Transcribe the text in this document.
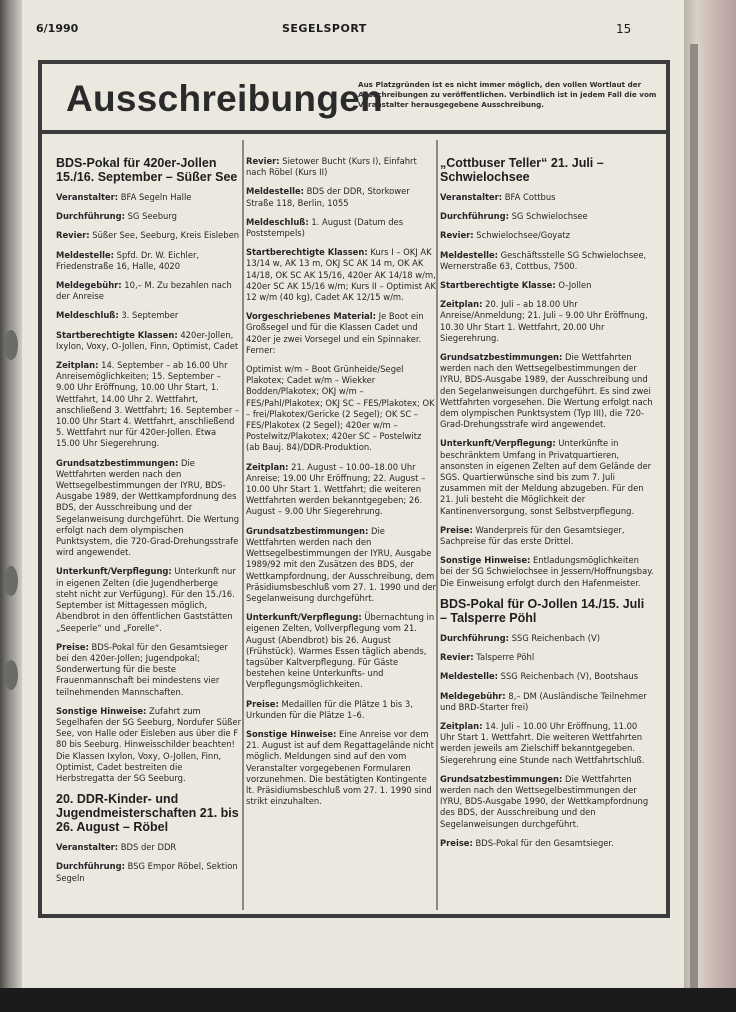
6/1990	SEGELSPORT	15
Ausschreibungen
Aus Platzgründen ist es nicht immer möglich, den vollen Wortlaut der Ausschreibungen zu veröffentlichen. Verbindlich ist in jedem Fall die vom Veranstalter herausgegebene Ausschreibung.
BDS-Pokal für 420er-Jollen 15./16. September – Süßer See
Veranstalter: BFA Segeln Halle
Durchführung: SG Seeburg
Revier: Süßer See, Seeburg, Kreis Eisleben
Meldestelle: Spfd. Dr. W. Eichler, Friedenstraße 16, Halle, 4020
Meldegebühr: 10,– M. Zu bezahlen nach der Anreise
Meldeschluß: 3. September
Startberechtigte Klassen: 420er-Jollen, Ixylon, Voxy, O-Jollen, Finn, Optimist, Cadet
Zeitplan: 14. September – ab 16.00 Uhr Anreisemöglichkeiten; 15. September – 9.00 Uhr Eröffnung, 10.00 Uhr Start, 1. Wettfahrt, 14.00 Uhr 2. Wettfahrt, anschließend 3. Wettfahrt; 16. September – 10.00 Uhr Start 4. Wettfahrt, anschließend 5. Wettfahrt nur für 420er-Jollen. Etwa 15.00 Uhr Siegerehrung.
Grundsatzbestimmungen: Die Wettfahrten werden nach den Wettsegelbestimmungen der IYRU, BDS-Ausgabe 1989, der Wettkampfordnung des BDS, der Ausschreibung und der Segelanweisung durchgeführt. Die Wertung erfolgt nach dem olympischen Punktsystem, die 720-Grad-Drehungsstrafe wird angewendet.
Unterkunft/Verpflegung: Unterkunft nur in eigenen Zelten (die Jugendherberge steht nicht zur Verfügung). Für den 15./16. September ist Mittagessen möglich, Abendbrot in den öffentlichen Gaststätten „Seeperle“ und „Forelle“.
Preise: BDS-Pokal für den Gesamtsieger bei den 420er-Jollen; Jugendpokal; Sonderwertung für die beste Frauenmannschaft bei mindestens vier teilnehmenden Mannschaften.
Sonstige Hinweise: Zufahrt zum Segelhafen der SG Seeburg, Nordufer Süßer See, von Halle oder Eisleben aus über die F 80 bis Seeburg. Hinweisschilder beachten! Die Klassen Ixylon, Voxy, O-Jollen, Finn, Optimist, Cadet bestreiten die Herbstregatta der SG Seeburg.
20. DDR-Kinder- und Jugendmeisterschaften 21. bis 26. August – Röbel
Veranstalter: BDS der DDR
Durchführung: BSG Empor Röbel, Sektion Segeln
Revier: Sietower Bucht (Kurs I), Einfahrt nach Röbel (Kurs II)
Meldestelle: BDS der DDR, Storkower Straße 118, Berlin, 1055
Meldeschluß: 1. August (Datum des Poststempels)
Startberechtigte Klassen: Kurs I – OKJ AK 13/14 w, AK 13 m, OKJ SC AK 14 m, OK AK 14/18, OK SC AK 15/16, 420er AK 14/18 w/m, 420er SC AK 15/16 w/m; Kurs II – Optimist AK 12 w/m (40 kg), Cadet AK 12/15 w/m.
Vorgeschriebenes Material: Je Boot ein Großsegel und für die Klassen Cadet und 420er je zwei Vorsegel und ein Spinnaker. Ferner:
Optimist w/m – Boot Grünheide/Segel Plakotex; Cadet w/m – Wiekker Bodden/Plakotex; OKJ w/m – FES/Pahl/Plakotex; OKJ SC – FES/Plakotex; OK – frei/Plakotex/Gericke (2 Segel); OK SC – FES/Plakotex (2 Segel); 420er w/m – Postelwitz/Plakotex; 420er SC – Postelwitz (ab Bauj. 84)/DDR-Produktion.
Zeitplan: 21. August – 10.00–18.00 Uhr Anreise; 19.00 Uhr Eröffnung; 22. August – 10.00 Uhr Start 1. Wettfahrt; die weiteren Wettfahrten werden bekanntgegeben; 26. August – 9.00 Uhr Siegerehrung.
Grundsatzbestimmungen: Die Wettfahrten werden nach den Wettsegelbestimmungen der IYRU, Ausgabe 1989/92 mit den Zusätzen des BDS, der Wettkampfordnung, der Ausschreibung, dem Präsidiumsbeschluß vom 27. 1. 1990 und der Segelanweisung durchgeführt.
Unterkunft/Verpflegung: Übernachtung in eigenen Zelten, Vollverpflegung vom 21. August (Abendbrot) bis 26. August (Frühstück). Warmes Essen täglich abends, tagsüber Kaltverpflegung. Für Gäste bestehen keine Unterkunfts- und Verpflegungsmöglichkeiten.
Preise: Medaillen für die Plätze 1 bis 3, Urkunden für die Plätze 1–6.
Sonstige Hinweise: Eine Anreise vor dem 21. August ist auf dem Regattagelände nicht möglich. Meldungen sind auf den vom Veranstalter vorgegebenen Formularen vorzunehmen. Die bestätigten Kontingente lt. Präsidiumsbeschluß vom 27. 1. 1990 sind strikt einzuhalten.
„Cottbuser Teller“ 21. Juli – Schwielochsee
Veranstalter: BFA Cottbus
Durchführung: SG Schwielochsee
Revier: Schwielochsee/Goyatz
Meldestelle: Geschäftsstelle SG Schwielochsee, Wernerstraße 63, Cottbus, 7500.
Startberechtigte Klasse: O-Jollen
Zeitplan: 20. Juli – ab 18.00 Uhr Anreise/Anmeldung; 21. Juli – 9.00 Uhr Eröffnung, 10.30 Uhr Start 1. Wettfahrt, 20.00 Uhr Siegerehrung.
Grundsatzbestimmungen: Die Wettfahrten werden nach den Wettsegelbestimmungen der IYRU, BDS-Ausgabe 1989, der Ausschreibung und den Segelanweisungen durchgeführt. Es sind zwei Wettfahrten vorgesehen. Die Wertung erfolgt nach dem olympischen Punktsystem (Typ III), die 720-Grad-Drehungsstrafe wird angewendet.
Unterkunft/Verpflegung: Unterkünfte in beschränktem Umfang in Privatquartieren, ansonsten in eigenen Zelten auf dem Gelände der SGS. Quartierwünsche sind bis zum 7. Juli zusammen mit der Meldung abzugeben. Für den 21. Juli besteht die Möglichkeit der Kantinenversorgung, sonst Selbstverpflegung.
Preise: Wanderpreis für den Gesamtsieger, Sachpreise für das erste Drittel.
Sonstige Hinweise: Entladungsmöglichkeiten bei der SG Schwielochsee in Jessern/Hoffnungsbay. Die Einweisung erfolgt durch den Hafenmeister.
BDS-Pokal für O-Jollen 14./15. Juli – Talsperre Pöhl
Durchführung: SSG Reichenbach (V)
Revier: Talsperre Pöhl
Meldestelle: SSG Reichenbach (V), Bootshaus
Meldegebühr: 8,– DM (Ausländische Teilnehmer und BRD-Starter frei)
Zeitplan: 14. Juli – 10.00 Uhr Eröffnung, 11.00 Uhr Start 1. Wettfahrt. Die weiteren Wettfahrten werden jeweils am Zielschiff bekanntgegeben. Siegerehrung eine Stunde nach Wettfahrtschluß.
Grundsatzbestimmungen: Die Wettfahrten werden nach den Wettsegelbestimmungen der IYRU, BDS-Ausgabe 1990, der Wettkampfordnung des BDS, der Ausschreibung und den Segelanweisungen durchgeführt.
Preise: BDS-Pokal für den Gesamtsieger.
